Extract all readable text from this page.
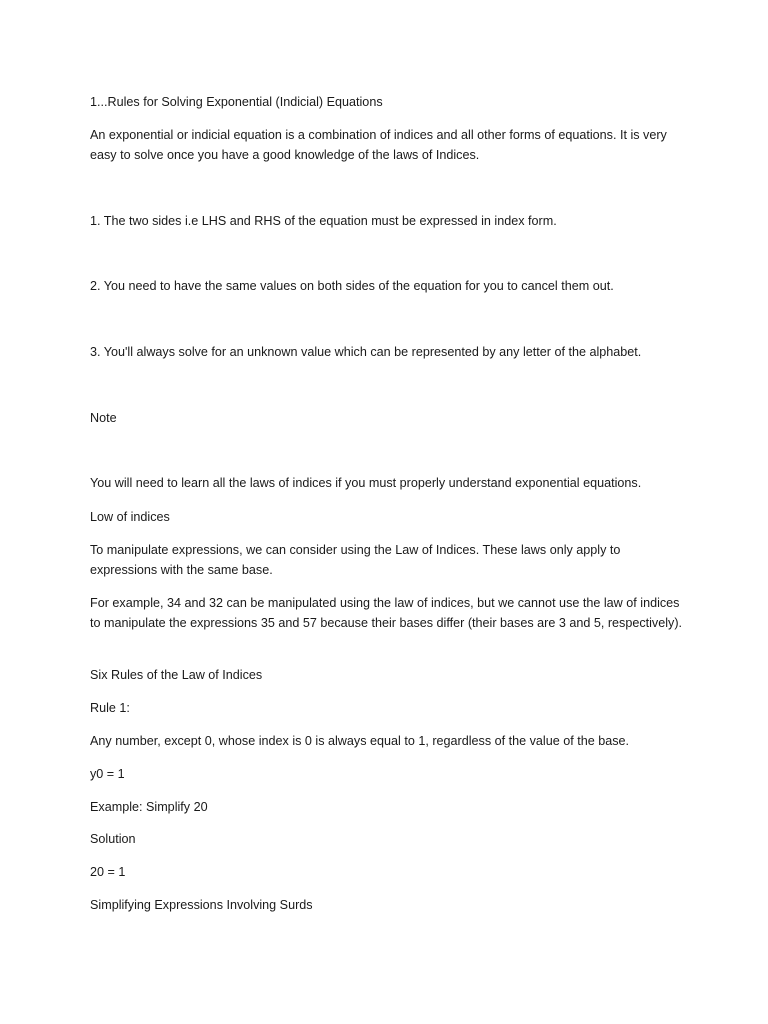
1...Rules for Solving Exponential (Indicial) Equations

An exponential or indicial equation is a combination of indices and all other forms of equations. It is very easy to solve once you have a good knowledge of the laws of Indices.

1. The two sides i.e LHS and RHS of the equation must be expressed in index form.

2. You need to have the same values on both sides of the equation for you to cancel them out.

3. You'll always solve for an unknown value which can be represented by any letter of the alphabet.

Note

You will need to learn all the laws of indices if you must properly understand exponential equations.

Low of indices

To manipulate expressions, we can consider using the Law of Indices. These laws only apply to expressions with the same base.

For example, 34 and 32 can be manipulated using the law of indices, but we cannot use the law of indices to manipulate the expressions 35 and 57 because their bases differ (their bases are 3 and 5, respectively).

Six Rules of the Law of Indices

Rule 1:

Any number, except 0, whose index is 0 is always equal to 1, regardless of the value of the base.

y0 = 1

Example: Simplify 20

Solution

20 = 1

Simplifying Expressions Involving Surds
